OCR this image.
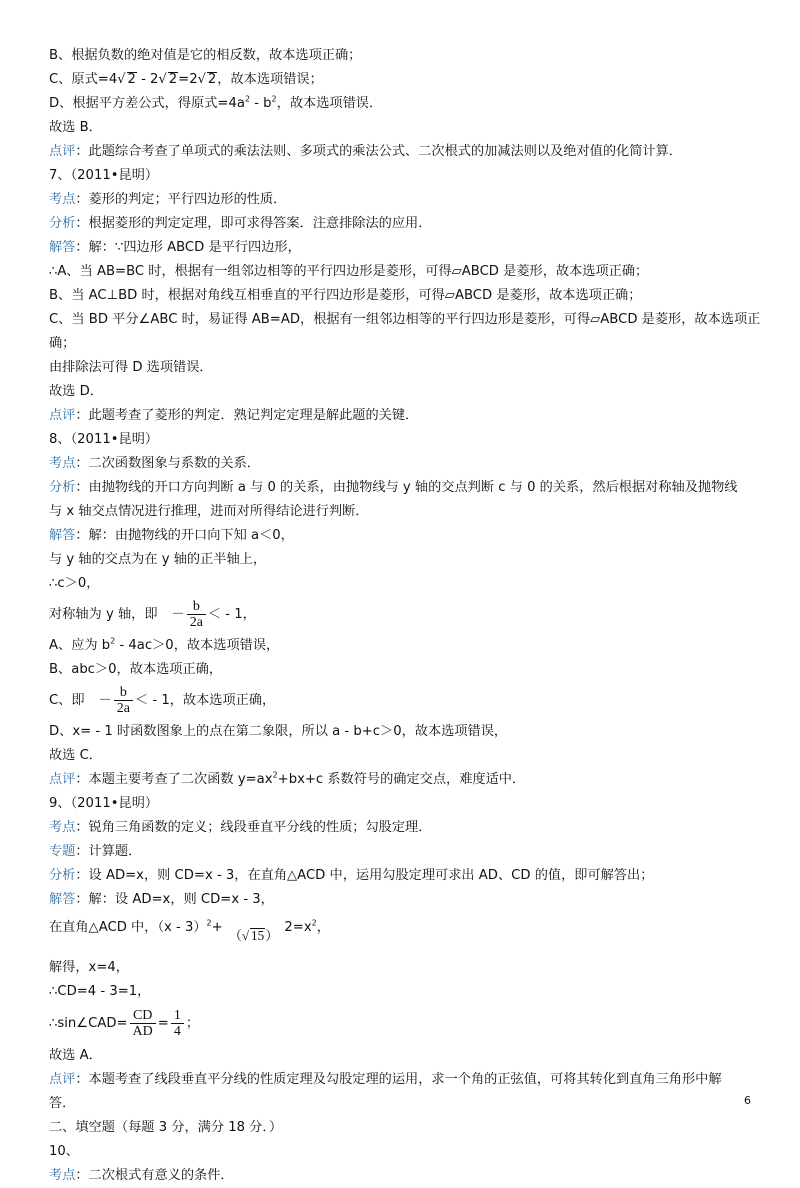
B、根据负数的绝对值是它的相反数，故本选项正确；
C、原式=4√ 2 - 2√ 2=2√ 2，故本选项错误；
D、根据平方差公式，得原式$=4a^2 - b^2$，故本选项错误．
故选 B．
点评：此题综合考查了单项式的乘法法则、多项式的乘法公式、二次根式的加减法则以及绝对值的化简计算．
7、（2011•昆明）
考点：菱形的判定；平行四边形的性质．
分析：根据菱形的判定定理，即可求得答案．注意排除法的应用．
解答：解：∵四边形 ABCD 是平行四边形，
∴A、当 AB=BC 时，根据有一组邻边相等的平行四边形是菱形，可得▱ABCD 是菱形，故本选项正确；
B、当 AC⊥BD 时，根据对角线互相垂直的平行四边形是菱形，可得▱ABCD 是菱形，故本选项正确；
C、当 BD 平分∠ABC 时，易证得 AB=AD，根据有一组邻边相等的平行四边形是菱形，可得▱ABCD 是菱形，故本选项正
确；
由排除法可得 D 选项错误．
故选 D．
点评：此题考查了菱形的判定．熟记判定定理是解此题的关键．
8、（2011•昆明）
考点：二次函数图象与系数的关系．
分析：由抛物线的开口方向判断 a 与 0 的关系，由抛物线与 y 轴的交点判断 c 与 0 的关系，然后根据对称轴及抛物线
与 x 轴交点情况进行推理，进而对所得结论进行判断．
解答：解：由抛物线的开口向下知 a＜0，
与 y 轴的交点为在 y 轴的正半轴上，
∴c＞0，
对称轴为 y 轴，即 － $\frac{b}{2a}$ ＜ - 1，
A、应为 $b^2 - 4ac>0$，故本选项错误，
B、abc＞0，故本选项正确，
C、即 － $\frac{b}{2a}$ ＜ - 1，故本选项正确，
D、x= - 1 时函数图象上的点在第二象限，所以 a - b+c＞0，故本选项错误，
故选 C．
点评：本题主要考查了二次函数 $y=ax^2+bx+c$ 系数符号的确定交点，难度适中．
9、（2011•昆明）
考点：锐角三角函数的定义；线段垂直平分线的性质；勾股定理．
专题：计算题．
分析：设 AD=x，则 CD=x - 3，在直角△ACD 中，运用勾股定理可求出 AD、CD 的值，即可解答出；
解答：解：设 AD=x，则 CD=x - 3，
在直角△ACD 中，（x - 3）$^2$+（√ $15)2=x^2$，
解得，x=4，
∴CD=4 - 3=1，
∴sin∠CAD= $\frac{CD}{AD} = \frac{1}{4}$ ；
故选 A．
点评：本题考查了线段垂直平分线的性质定理及勾股定理的运用，求一个角的正弦值，可将其转化到直角三角形中解
答．
二、填空题（每题 3 分，满分 18 分．）
10、
考点：二次根式有意义的条件．
6
